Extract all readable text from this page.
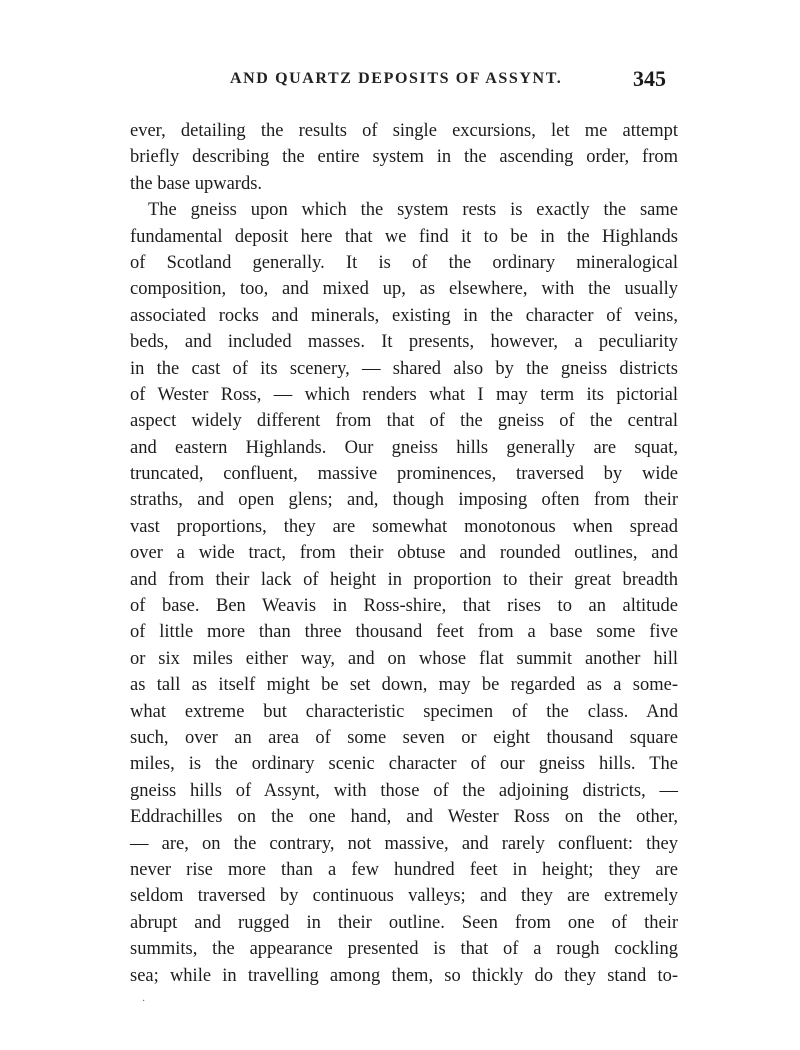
AND QUARTZ DEPOSITS OF ASSYNT.	345
ever, detailing the results of single excursions, let me attempt
briefly describing the entire system in the ascending order, from
the base upwards.
The gneiss upon which the system rests is exactly the same
fundamental deposit here that we find it to be in the Highlands
of Scotland generally. It is of the ordinary mineralogical
composition, too, and mixed up, as elsewhere, with the usually
associated rocks and minerals, existing in the character of veins,
beds, and included masses. It presents, however, a peculiarity
in the cast of its scenery, — shared also by the gneiss districts
of Wester Ross, — which renders what I may term its pictorial
aspect widely different from that of the gneiss of the central
and eastern Highlands. Our gneiss hills generally are squat,
truncated, confluent, massive prominences, traversed by wide
straths, and open glens; and, though imposing often from their
vast proportions, they are somewhat monotonous when spread
over a wide tract, from their obtuse and rounded outlines, and
and from their lack of height in proportion to their great breadth
of base. Ben Weavis in Ross-shire, that rises to an altitude
of little more than three thousand feet from a base some five
or six miles either way, and on whose flat summit another hill
as tall as itself might be set down, may be regarded as a some-
what extreme but characteristic specimen of the class. And
such, over an area of some seven or eight thousand square
miles, is the ordinary scenic character of our gneiss hills. The
gneiss hills of Assynt, with those of the adjoining districts, —
Eddrachilles on the one hand, and Wester Ross on the other,
— are, on the contrary, not massive, and rarely confluent: they
never rise more than a few hundred feet in height; they are
seldom traversed by continuous valleys; and they are extremely
abrupt and rugged in their outline. Seen from one of their
summits, the appearance presented is that of a rough cockling
sea; while in travelling among them, so thickly do they stand to-
·
